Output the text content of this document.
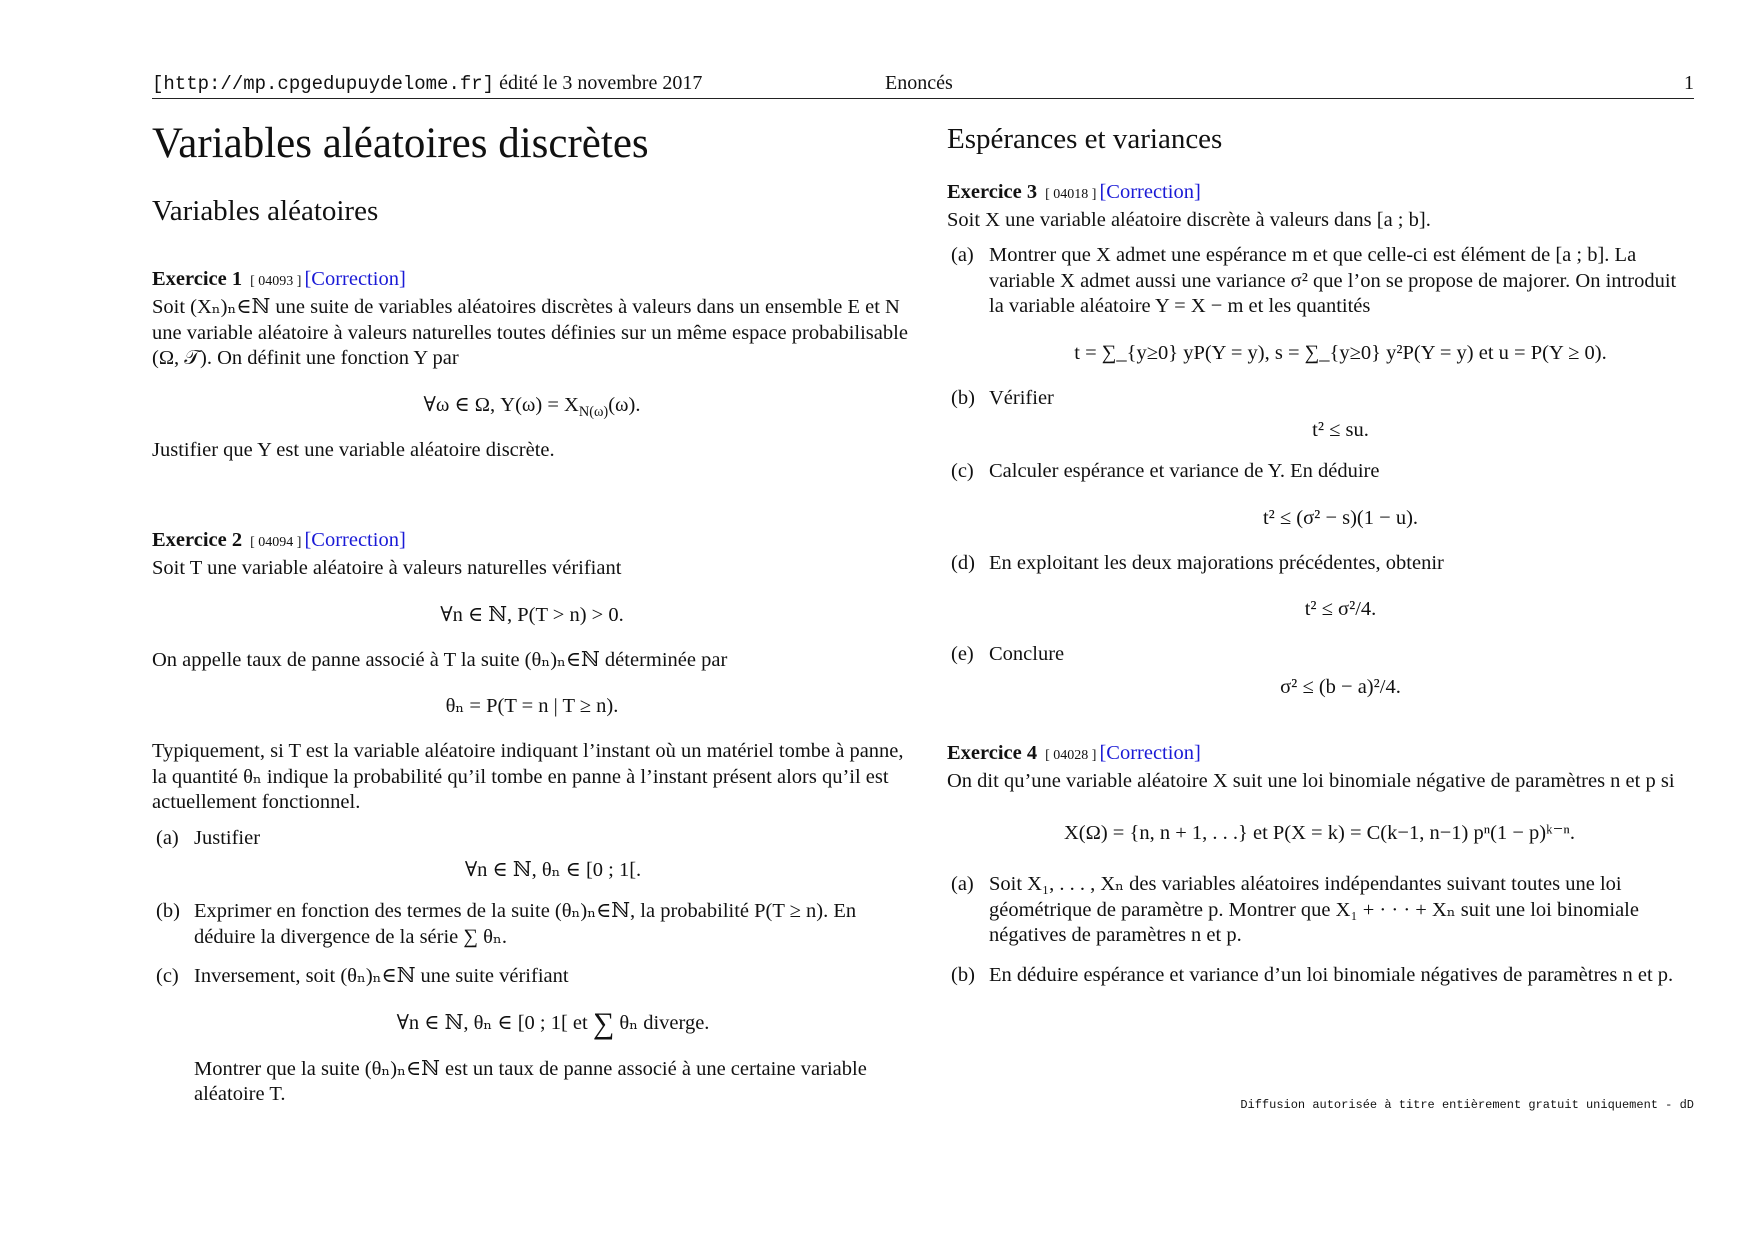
[http://mp.cpgedupuydelome.fr] édité le 3 novembre 2017	Enoncés	1
Variables aléatoires discrètes
Variables aléatoires
Exercice 1 [ 04093 ] [Correction]

Soit (Xₙ)ₙ∈ℕ une suite de variables aléatoires discrètes à valeurs dans un ensemble E et N une variable aléatoire à valeurs naturelles toutes définies sur un même espace probabilisable (Ω, 𝒯). On définit une fonction Y par

∀ω ∈ Ω, $Y(\omega) = X_{N(\omega)}(\omega)$.

Justifier que Y est une variable aléatoire discrète.

Exercice 2 [ 04094 ] [Correction]

Soit T une variable aléatoire à valeurs naturelles vérifiant

∀n ∈ ℕ, P(T > n) > 0.

On appelle taux de panne associé à T la suite (θₙ)ₙ∈ℕ déterminée par

θₙ = P(T = n | T ≥ n).

Typiquement, si T est la variable aléatoire indiquant l’instant où un matériel tombe à panne, la quantité θₙ indique la probabilité qu’il tombe en panne à l’instant présent alors qu’il est actuellement fonctionnel.

(a) Justifier
∀n ∈ ℕ, θₙ ∈ [0 ; 1[.
(b) Exprimer en fonction des termes de la suite (θₙ)ₙ∈ℕ, la probabilité P(T ≥ n). En déduire la divergence de la série ∑ θₙ.
(c) Inversement, soit (θₙ)ₙ∈ℕ une suite vérifiant
∀n ∈ ℕ, θₙ ∈ [0 ; 1[ et ∑ θₙ diverge.
Montrer que la suite (θₙ)ₙ∈ℕ est un taux de panne associé à une certaine variable aléatoire T.
Espérances et variances
Exercice 3 [ 04018 ] [Correction]

Soit X une variable aléatoire discrète à valeurs dans [a ; b].

(a) Montrer que X admet une espérance m et que celle-ci est élément de [a ; b]. La variable X admet aussi une variance σ² que l’on se propose de majorer. On introduit la variable aléatoire Y = X − m et les quantités
t = ∑_{y≥0} yP(Y = y), s = ∑_{y≥0} y²P(Y = y) et u = P(Y ≥ 0).
(b) Vérifier
t² ≤ su.
(c) Calculer espérance et variance de Y. En déduire
t² ≤ (σ² − s)(1 − u).
(d) En exploitant les deux majorations précédentes, obtenir
t² ≤ σ²/4.
(e) Conclure
σ² ≤ (b − a)²/4.
Exercice 4 [ 04028 ] [Correction]

On dit qu’une variable aléatoire X suit une loi binomiale négative de paramètres n et p si

X(Ω) = {n, n + 1, . . .} et P(X = k) = C(k−1, n−1) pⁿ(1 − p)ᵏ⁻ⁿ.
(a) Soit X₁, . . . , Xₙ des variables aléatoires indépendantes suivant toutes une loi géométrique de paramètre p. Montrer que X₁ + · · · + Xₙ suit une loi binomiale négatives de paramètres n et p.
(b) En déduire espérance et variance d’un loi binomiale négatives de paramètres n et p.
Diffusion autorisée à titre entièrement gratuit uniquement - dD
